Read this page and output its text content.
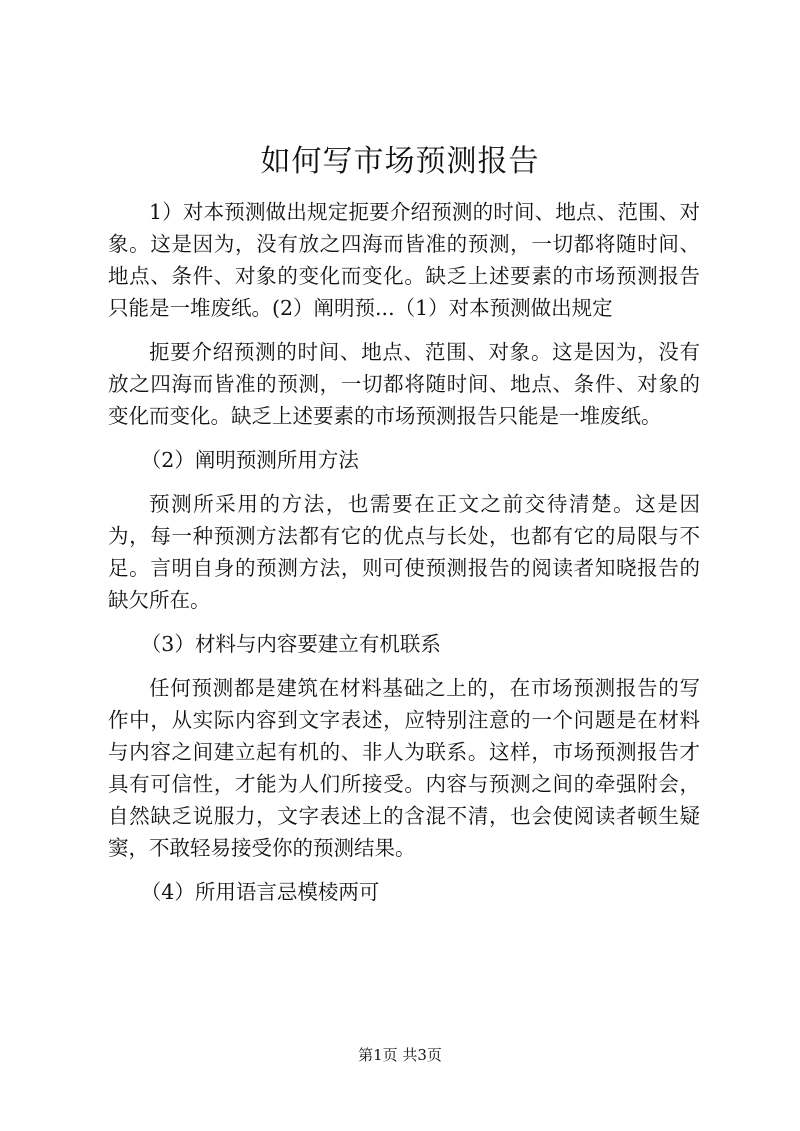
如何写市场预测报告

1）对本预测做出规定扼要介绍预测的时间、地点、范围、对象。这是因为，没有放之四海而皆准的预测，一切都将随时间、地点、条件、对象的变化而变化。缺乏上述要素的市场预测报告只能是一堆废纸。(2）阐明预...（1）对本预测做出规定

扼要介绍预测的时间、地点、范围、对象。这是因为，没有放之四海而皆准的预测，一切都将随时间、地点、条件、对象的变化而变化。缺乏上述要素的市场预测报告只能是一堆废纸。

（2）阐明预测所用方法

预测所采用的方法，也需要在正文之前交待清楚。这是因为，每一种预测方法都有它的优点与长处，也都有它的局限与不足。言明自身的预测方法，则可使预测报告的阅读者知晓报告的缺欠所在。

（3）材料与内容要建立有机联系

任何预测都是建筑在材料基础之上的，在市场预测报告的写作中，从实际内容到文字表述，应特别注意的一个问题是在材料与内容之间建立起有机的、非人为联系。这样，市场预测报告才具有可信性，才能为人们所接受。内容与预测之间的牵强附会，自然缺乏说服力，文字表述上的含混不清，也会使阅读者顿生疑窦，不敢轻易接受你的预测结果。

（4）所用语言忌模棱两可

第1页 共3页
